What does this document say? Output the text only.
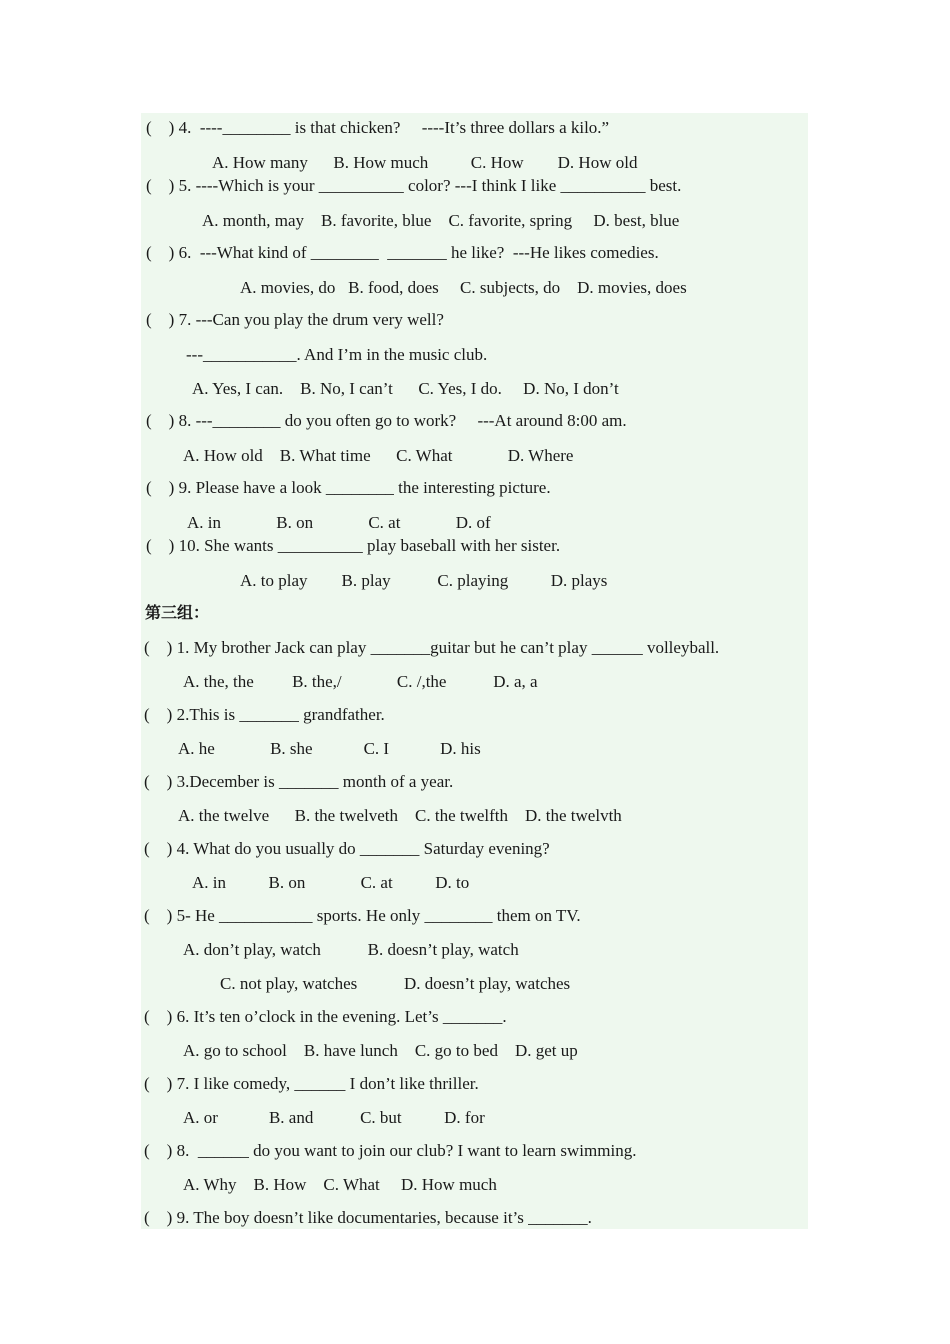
(    ) 4.  ----________ is that chicken?     ----It’s three dollars a kilo.”
A. How many      B. How much          C. How        D. How old
(    ) 5. ----Which is your __________ color? ---I think I like __________ best.
A. month, may    B. favorite, blue    C. favorite, spring     D. best, blue
(    ) 6.  ---What kind of ________  _______ he like?  ---He likes comedies.
A. movies, do   B. food, does     C. subjects, do    D. movies, does
(    ) 7. ---Can you play the drum very well?
---___________. And I’m in the music club.
A. Yes, I can.    B. No, I can’t      C. Yes, I do.     D. No, I don’t
(    ) 8. ---________ do you often go to work?     ---At around 8:00 am.
A. How old    B. What time      C. What             D. Where
(    ) 9. Please have a look ________ the interesting picture.
A. in             B. on             C. at             D. of
(    ) 10. She wants __________ play baseball with her sister.
A. to play        B. play           C. playing          D. plays
第三组：
(    ) 1. My brother Jack can play _______guitar but he can’t play ______ volleyball.
A. the, the         B. the,/             C. /,the           D. a, a
(    ) 2.This is _______ grandfather.
A. he             B. she            C. I            D. his
(    ) 3.December is _______ month of a year.
A. the twelve      B. the twelveth    C. the twelfth    D. the twelvth
(    ) 4. What do you usually do _______ Saturday evening?
A. in          B. on             C. at          D. to
(    ) 5- He ___________ sports. He only ________ them on TV.
A. don’t play, watch           B. doesn’t play, watch
C. not play, watches           D. doesn’t play, watches
(    ) 6. It’s ten o’clock in the evening. Let’s _______.
A. go to school    B. have lunch    C. go to bed    D. get up
(    ) 7. I like comedy, ______ I don’t like thriller.
A. or            B. and           C. but          D. for
(    ) 8.  ______ do you want to join our club? I want to learn swimming.
A. Why    B. How    C. What     D. How much
(    ) 9. The boy doesn’t like documentaries, because it’s _______.
